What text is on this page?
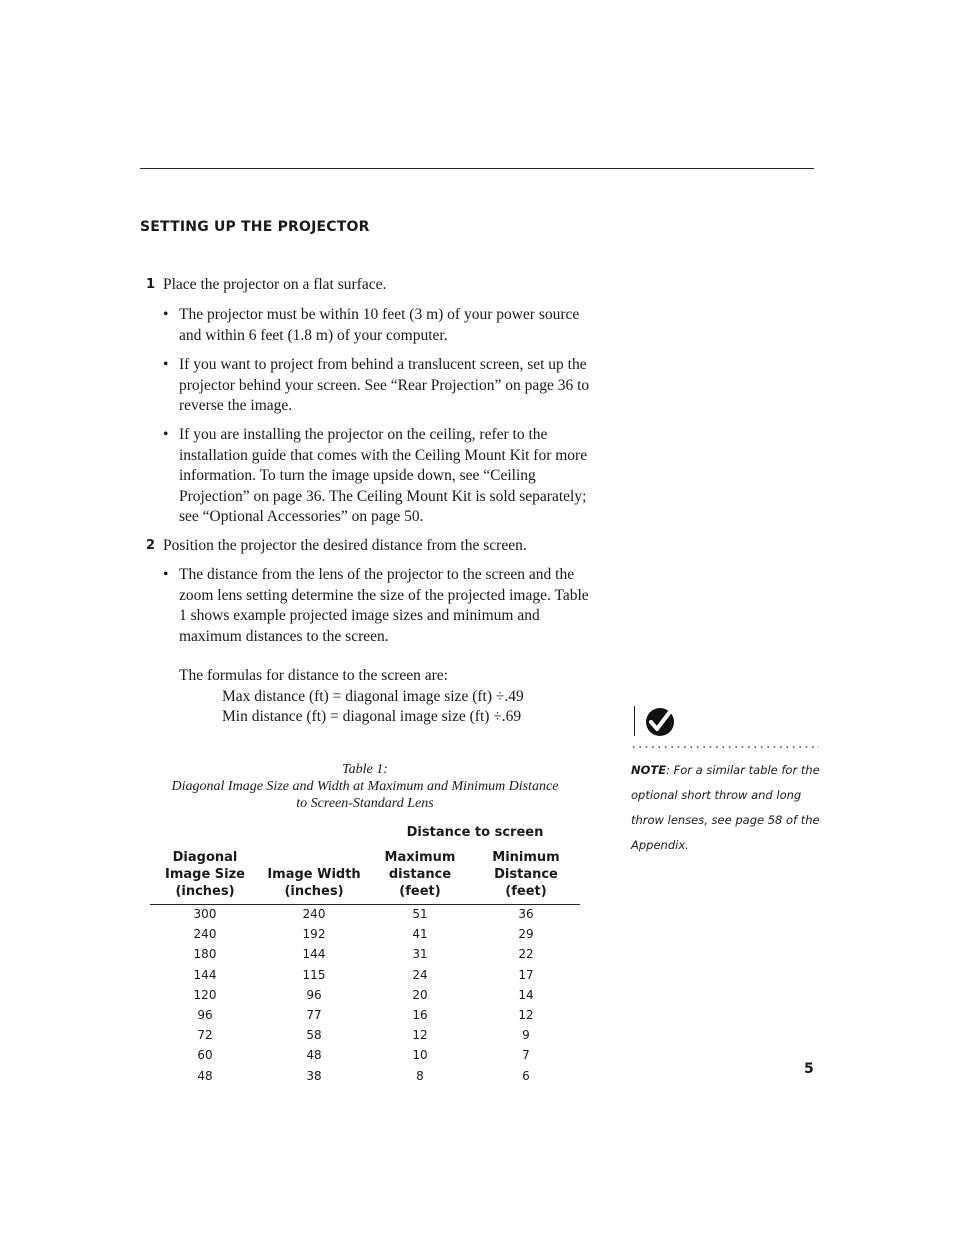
SETTING UP THE PROJECTOR
1 Place the projector on a flat surface.
• The projector must be within 10 feet (3 m) of your power source and within 6 feet (1.8 m) of your computer.
• If you want to project from behind a translucent screen, set up the projector behind your screen. See “Rear Projection” on page 36 to reverse the image.
• If you are installing the projector on the ceiling, refer to the installation guide that comes with the Ceiling Mount Kit for more information. To turn the image upside down, see “Ceiling Projection” on page 36. The Ceiling Mount Kit is sold separately; see “Optional Accessories” on page 50.
2 Position the projector the desired distance from the screen.
• The distance from the lens of the projector to the screen and the zoom lens setting determine the size of the projected image. Table 1 shows example projected image sizes and minimum and maximum distances to the screen.
The formulas for distance to the screen are:
Max distance (ft) = diagonal image size (ft) ÷.49
Min distance (ft) = diagonal image size (ft) ÷.69
Table 1:
Diagonal Image Size and Width at Maximum and Minimum Distance
to Screen-Standard Lens
Distance to screen
Diagonal
Image Size
(inches)
Image Width
(inches)
Maximum
distance
(feet)
Minimum
Distance
(feet)
300	240	51	36
240	192	41	29
180	144	31	22
144	115	24	17
120	96	20	14
96	77	16	12
72	58	12	9
60	48	10	7
48	38	8	6
NOTE: For a similar table for the optional short throw and long throw lenses, see page 58 of the Appendix.
5
